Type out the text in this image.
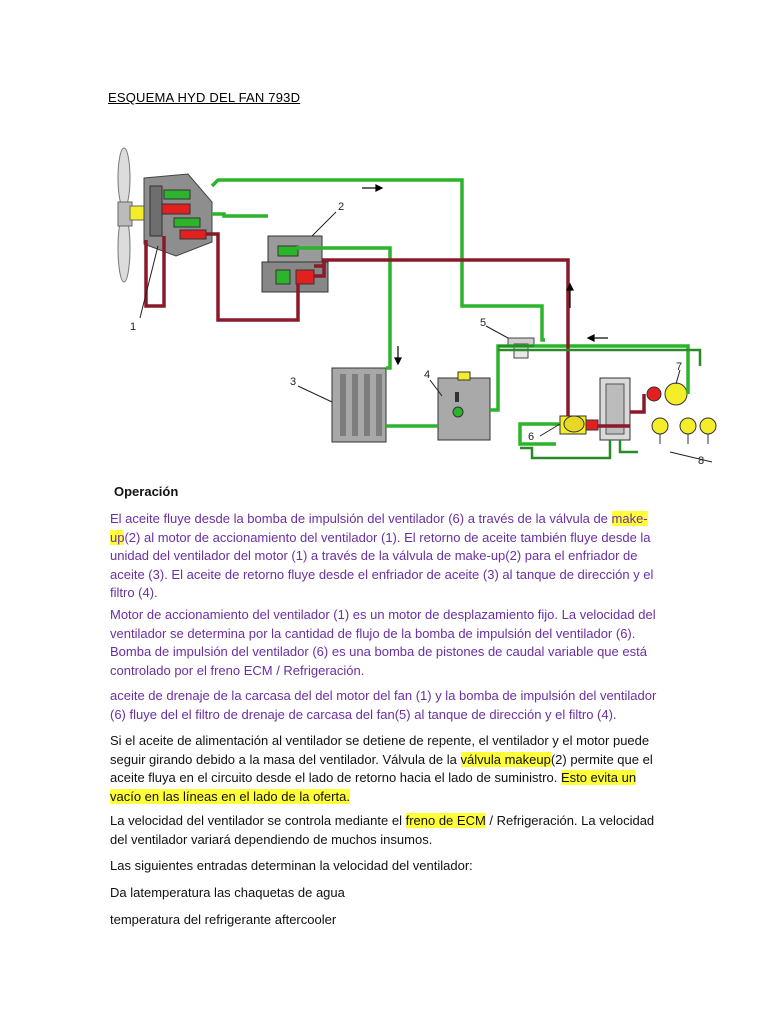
ESQUEMA HYD DEL FAN 793D
1
2
3
4
5
6
7
8
Operación

El aceite fluye desde la bomba de impulsión del ventilador (6) a través de la válvula de make-up(2) al motor de accionamiento del ventilador (1). El retorno de aceite también fluye desde la unidad del ventilador del motor (1) a través de la válvula de make-up(2) para el enfriador de aceite (3). El aceite de retorno fluye desde el enfriador de aceite (3) al tanque de dirección y el filtro (4).

Motor de accionamiento del ventilador (1) es un motor de desplazamiento fijo. La velocidad del ventilador se determina por la cantidad de flujo de la bomba de impulsión del ventilador (6). Bomba de impulsión del ventilador (6) es una bomba de pistones de caudal variable que está controlado por el freno ECM / Refrigeración.

aceite de drenaje de la carcasa del del motor del fan (1) y la bomba de impulsión del ventilador (6) fluye del el filtro de drenaje de carcasa del fan(5) al tanque de dirección y el filtro (4).

Si el aceite de alimentación al ventilador se detiene de repente, el ventilador y el motor puede seguir girando debido a la masa del ventilador. Válvula de la válvula makeup(2) permite que el aceite fluya en el circuito desde el lado de retorno hacia el lado de suministro. Esto evita un vacío en las líneas en el lado de la oferta.

La velocidad del ventilador se controla mediante el freno de ECM / Refrigeración. La velocidad del ventilador variará dependiendo de muchos insumos.

Las siguientes entradas determinan la velocidad del ventilador:

Da latemperatura las chaquetas de agua

temperatura del refrigerante aftercooler
